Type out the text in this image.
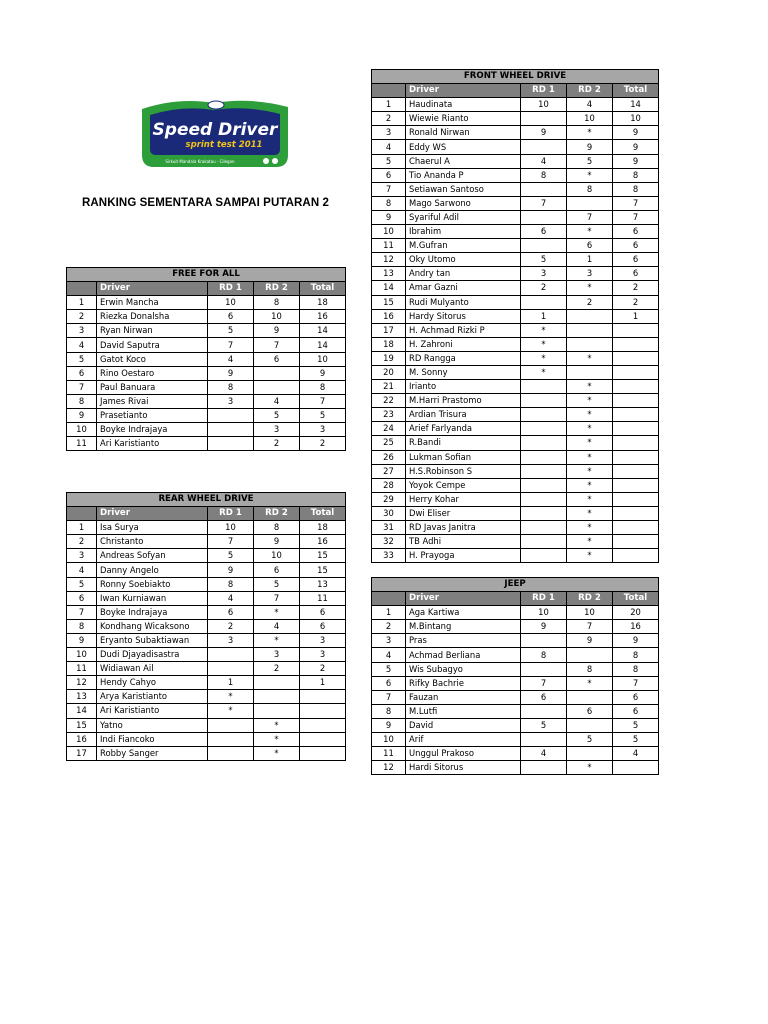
Speed Driver
sprint test 2011
Sirkuit Mandala Krakatau - Cilegon
RANKING SEMENTARA SAMPAI PUTARAN 2
FREE FOR ALL				
	Driver	RD 1	RD 2	Total
1	Erwin Mancha	10	8	18
2	Riezka Donalsha	6	10	16
3	Ryan Nirwan	5	9	14
4	David Saputra	7	7	14
5	Gatot Koco	4	6	10
6	Rino Oestaro	9		9
7	Paul Banuara	8		8
8	James Rivai	3	4	7
9	Prasetianto		5	5
10	Boyke Indrajaya		3	3
11	Ari Karistianto		2	2
REAR WHEEL DRIVE				
	Driver	RD 1	RD 2	Total
1	Isa Surya	10	8	18
2	Christanto	7	9	16
3	Andreas Sofyan	5	10	15
4	Danny Angelo	9	6	15
5	Ronny Soebiakto	8	5	13
6	Iwan Kurniawan	4	7	11
7	Boyke Indrajaya	6	*	6
8	Kondhang Wicaksono	2	4	6
9	Eryanto Subaktiawan	3	*	3
10	Dudi Djayadisastra		3	3
11	Widiawan Ail		2	2
12	Hendy Cahyo	1		1
13	Arya Karistianto	*		
14	Ari Karistianto	*		
15	Yatno		*	
16	Indi Fiancoko		*	
17	Robby Sanger		*	
FRONT WHEEL DRIVE				
	Driver	RD 1	RD 2	Total
1	Haudinata	10	4	14
2	Wiewie Rianto		10	10
3	Ronald Nirwan	9	*	9
4	Eddy WS		9	9
5	Chaerul A	4	5	9
6	Tio Ananda P	8	*	8
7	Setiawan Santoso		8	8
8	Mago Sarwono	7		7
9	Syariful Adil		7	7
10	Ibrahim	6	*	6
11	M.Gufran		6	6
12	Oky Utomo	5	1	6
13	Andry tan	3	3	6
14	Amar Gazni	2	*	2
15	Rudi Mulyanto		2	2
16	Hardy Sitorus	1		1
17	H. Achmad Rizki P	*		
18	H. Zahroni	*		
19	RD Rangga	*	*	
20	M. Sonny	*		
21	Irianto		*	
22	M.Harri Prastomo		*	
23	Ardian Trisura		*	
24	Arief Farlyanda		*	
25	R.Bandi		*	
26	Lukman Sofian		*	
27	H.S.Robinson S		*	
28	Yoyok Cempe		*	
29	Herry Kohar		*	
30	Dwi Eliser		*	
31	RD Javas Janitra		*	
32	TB Adhi		*	
33	H. Prayoga		*	
JEEP				
	Driver	RD 1	RD 2	Total
1	Aga Kartiwa	10	10	20
2	M.Bintang	9	7	16
3	Pras		9	9
4	Achmad Berliana	8		8
5	Wis Subagyo		8	8
6	Rifky Bachrie	7	*	7
7	Fauzan	6		6
8	M.Lutfi		6	6
9	David	5		5
10	Arif		5	5
11	Unggul Prakoso	4		4
12	Hardi Sitorus		*	
